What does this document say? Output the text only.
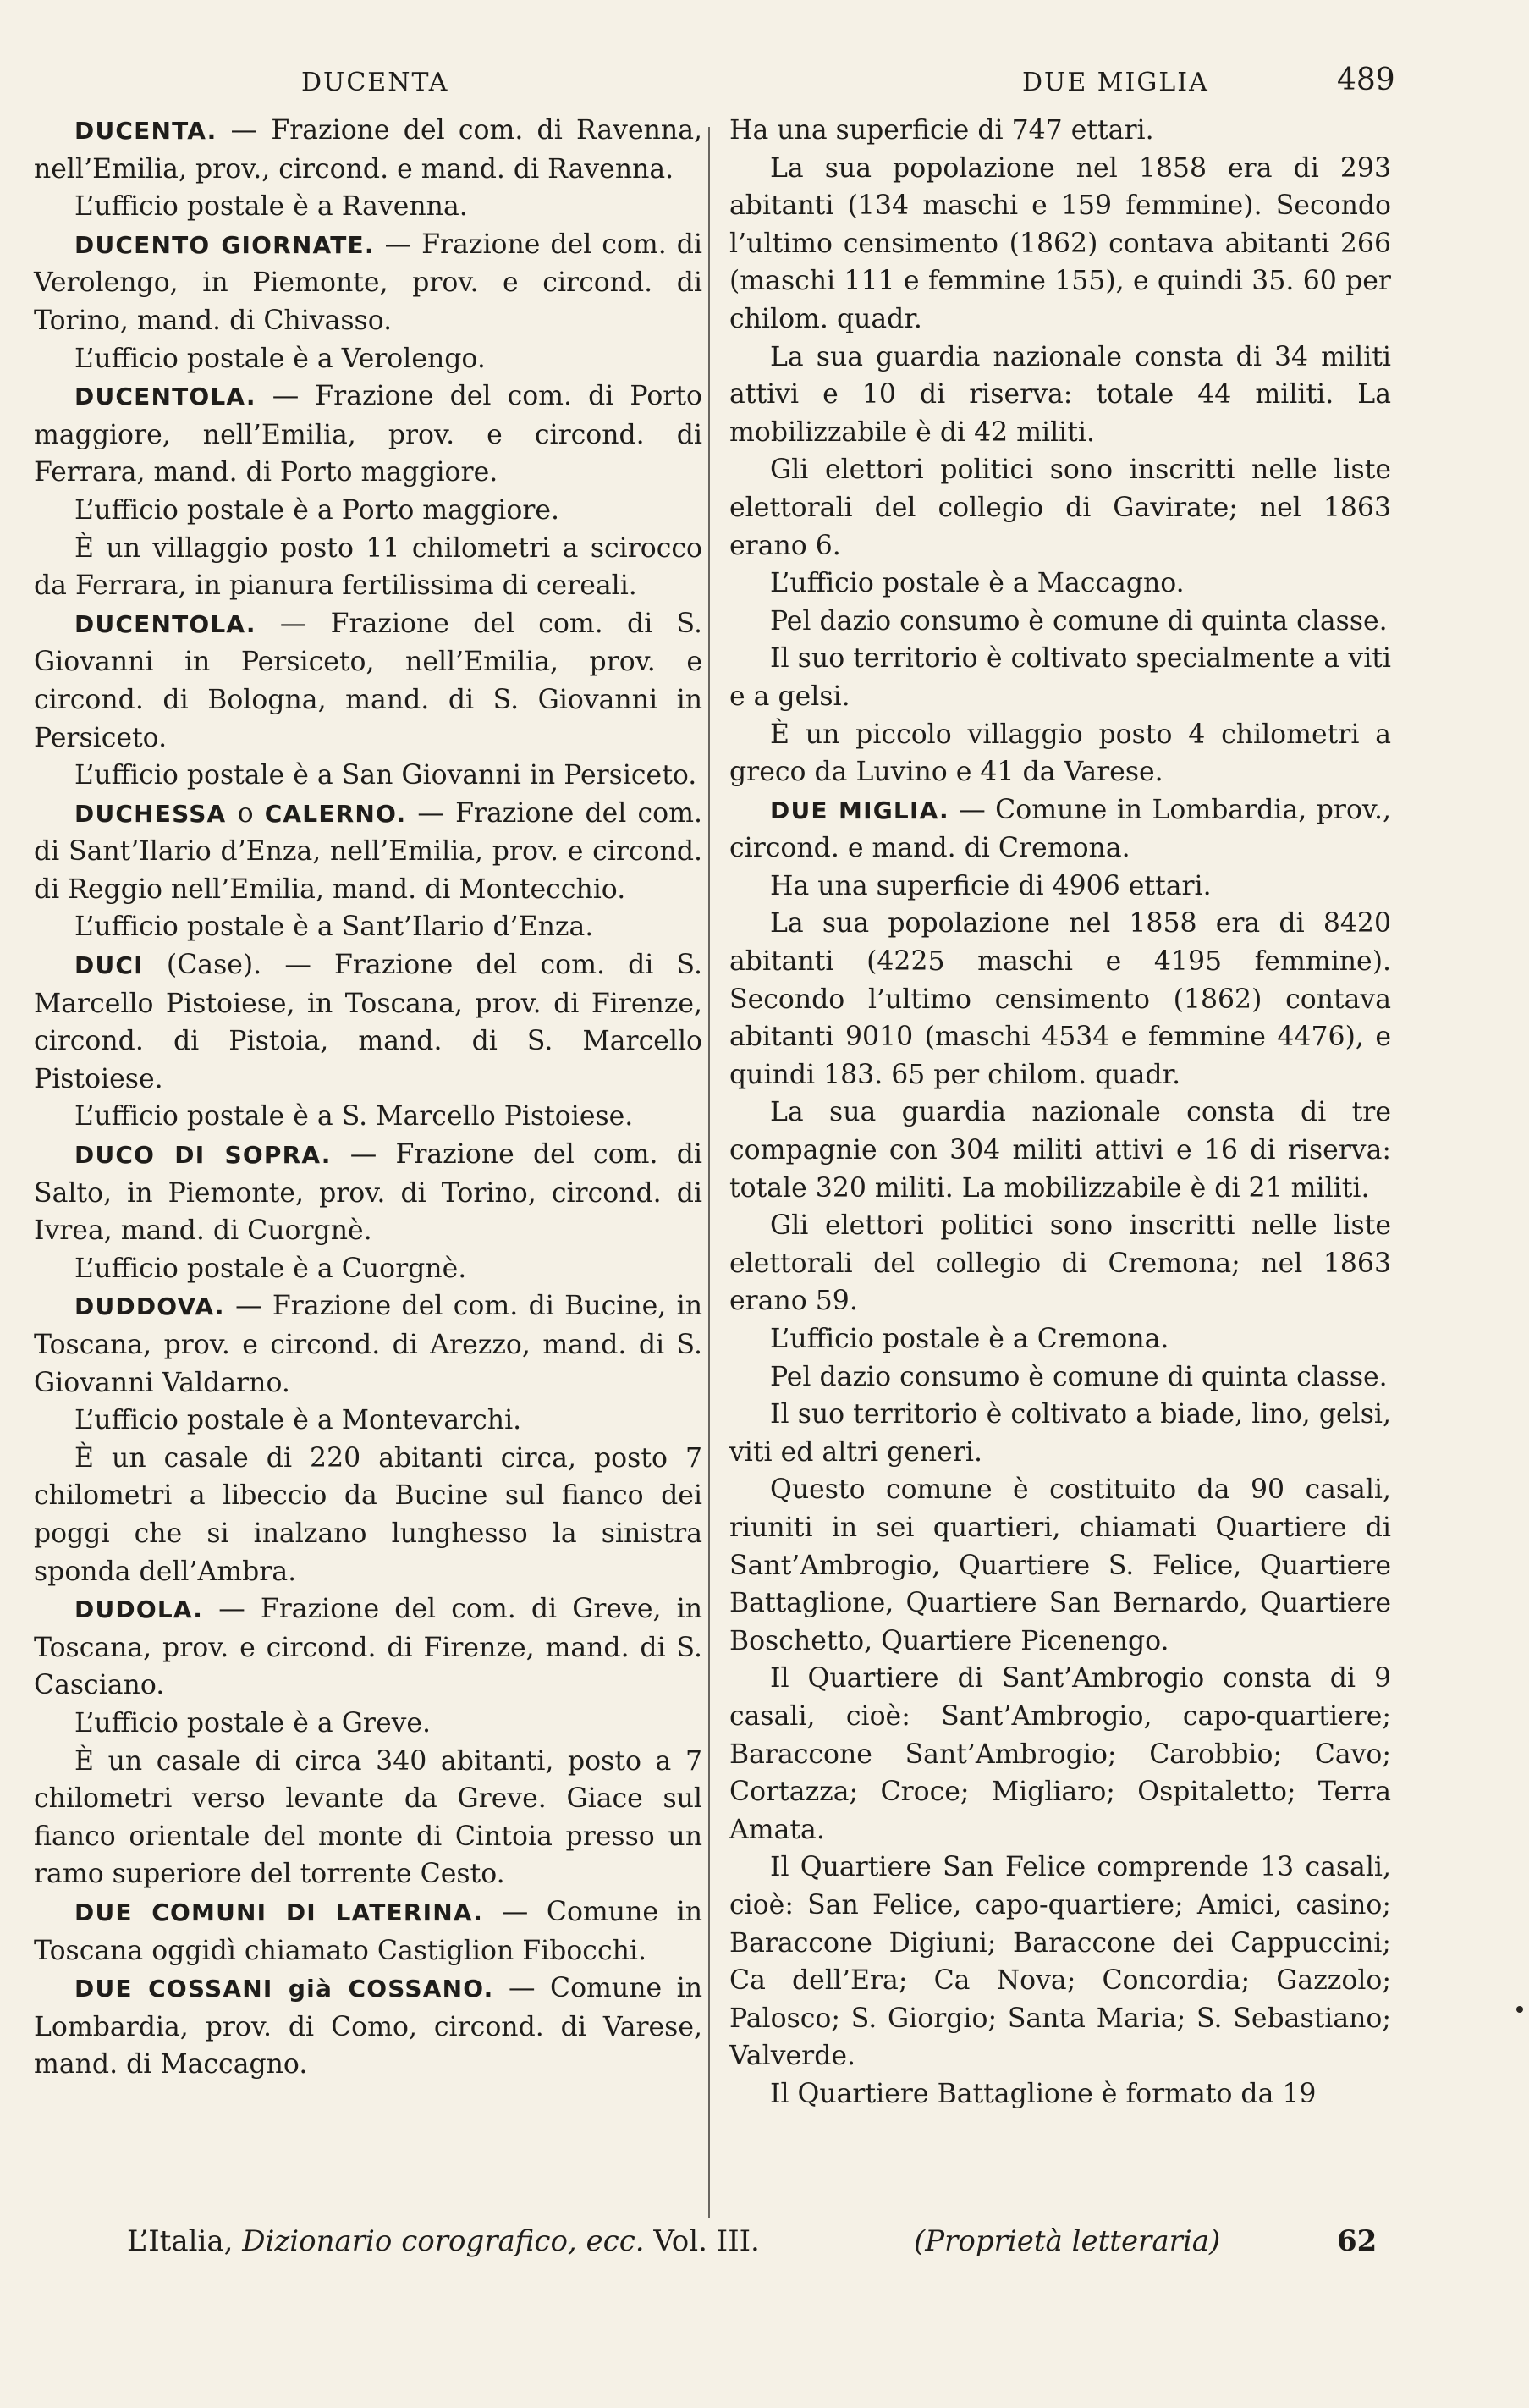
DUCENTA	DUE MIGLIA	489

DUCENTA. — Frazione del com. di Ravenna, nell’Emilia, prov., circond. e mand. di Ravenna.

L’ufficio postale è a Ravenna.

DUCENTO GIORNATE. — Frazione del com. di Verolengo, in Piemonte, prov. e circond. di Torino, mand. di Chivasso.

L’ufficio postale è a Verolengo.

DUCENTOLA. — Frazione del com. di Porto maggiore, nell’Emilia, prov. e circond. di Ferrara, mand. di Porto maggiore.

L’ufficio postale è a Porto maggiore.

È un villaggio posto 11 chilometri a scirocco da Ferrara, in pianura fertilissima di cereali.

DUCENTOLA. — Frazione del com. di S. Giovanni in Persiceto, nell’Emilia, prov. e circond. di Bologna, mand. di S. Giovanni in Persiceto.

L’ufficio postale è a San Giovanni in Persiceto.

DUCHESSA o CALERNO. — Frazione del com. di Sant’Ilario d’Enza, nell’Emilia, prov. e circond. di Reggio nell’Emilia, mand. di Montecchio.

L’ufficio postale è a Sant’Ilario d’Enza.

DUCI (Case). — Frazione del com. di S. Marcello Pistoiese, in Toscana, prov. di Firenze, circond. di Pistoia, mand. di S. Marcello Pistoiese.

L’ufficio postale è a S. Marcello Pistoiese.

DUCO DI SOPRA. — Frazione del com. di Salto, in Piemonte, prov. di Torino, circond. di Ivrea, mand. di Cuorgnè.

L’ufficio postale è a Cuorgnè.

DUDDOVA. — Frazione del com. di Bucine, in Toscana, prov. e circond. di Arezzo, mand. di S. Giovanni Valdarno.

L’ufficio postale è a Montevarchi.

È un casale di 220 abitanti circa, posto 7 chilometri a libeccio da Bucine sul fianco dei poggi che si inalzano lunghesso la sinistra sponda dell’Ambra.

DUDOLA. — Frazione del com. di Greve, in Toscana, prov. e circond. di Firenze, mand. di S. Casciano.

L’ufficio postale è a Greve.

È un casale di circa 340 abitanti, posto a 7 chilometri verso levante da Greve. Giace sul fianco orientale del monte di Cintoia presso un ramo superiore del torrente Cesto.

DUE COMUNI DI LATERINA. — Comune in Toscana oggidì chiamato Castiglion Fibocchi.

DUE COSSANI già COSSANO. — Comune in Lombardia, prov. di Como, circond. di Varese, mand. di Maccagno.

Ha una superficie di 747 ettari.

La sua popolazione nel 1858 era di 293 abitanti (134 maschi e 159 femmine). Secondo l’ultimo censimento (1862) contava abitanti 266 (maschi 111 e femmine 155), e quindi 35. 60 per chilom. quadr.

La sua guardia nazionale consta di 34 militi attivi e 10 di riserva: totale 44 militi. La mobilizzabile è di 42 militi.

Gli elettori politici sono inscritti nelle liste elettorali del collegio di Gavirate; nel 1863 erano 6.

L’ufficio postale è a Maccagno.

Pel dazio consumo è comune di quinta classe.

Il suo territorio è coltivato specialmente a viti e a gelsi.

È un piccolo villaggio posto 4 chilometri a greco da Luvino e 41 da Varese.

DUE MIGLIA. — Comune in Lombardia, prov., circond. e mand. di Cremona.

Ha una superficie di 4906 ettari.

La sua popolazione nel 1858 era di 8420 abitanti (4225 maschi e 4195 femmine). Secondo l’ultimo censimento (1862) contava abitanti 9010 (maschi 4534 e femmine 4476), e quindi 183. 65 per chilom. quadr.

La sua guardia nazionale consta di tre compagnie con 304 militi attivi e 16 di riserva: totale 320 militi. La mobilizzabile è di 21 militi.

Gli elettori politici sono inscritti nelle liste elettorali del collegio di Cremona; nel 1863 erano 59.

L’ufficio postale è a Cremona.

Pel dazio consumo è comune di quinta classe.

Il suo territorio è coltivato a biade, lino, gelsi, viti ed altri generi.

Questo comune è costituito da 90 casali, riuniti in sei quartieri, chiamati Quartiere di Sant’Ambrogio, Quartiere S. Felice, Quartiere Battaglione, Quartiere San Bernardo, Quartiere Boschetto, Quartiere Picenengo.

Il Quartiere di Sant’Ambrogio consta di 9 casali, cioè: Sant’Ambrogio, capo-quartiere; Baraccone Sant’Ambrogio; Carobbio; Cavo; Cortazza; Croce; Migliaro; Ospitaletto; Terra Amata.

Il Quartiere San Felice comprende 13 casali, cioè: San Felice, capo-quartiere; Amici, casino; Baraccone Digiuni; Baraccone dei Cappuccini; Ca dell’Era; Ca Nova; Concordia; Gazzolo; Palosco; S. Giorgio; Santa Maria; S. Sebastiano; Valverde.

Il Quartiere Battaglione è formato da 19

L’Italia, Dizionario corografico, ecc. Vol. III.	(Proprietà letteraria)	62
